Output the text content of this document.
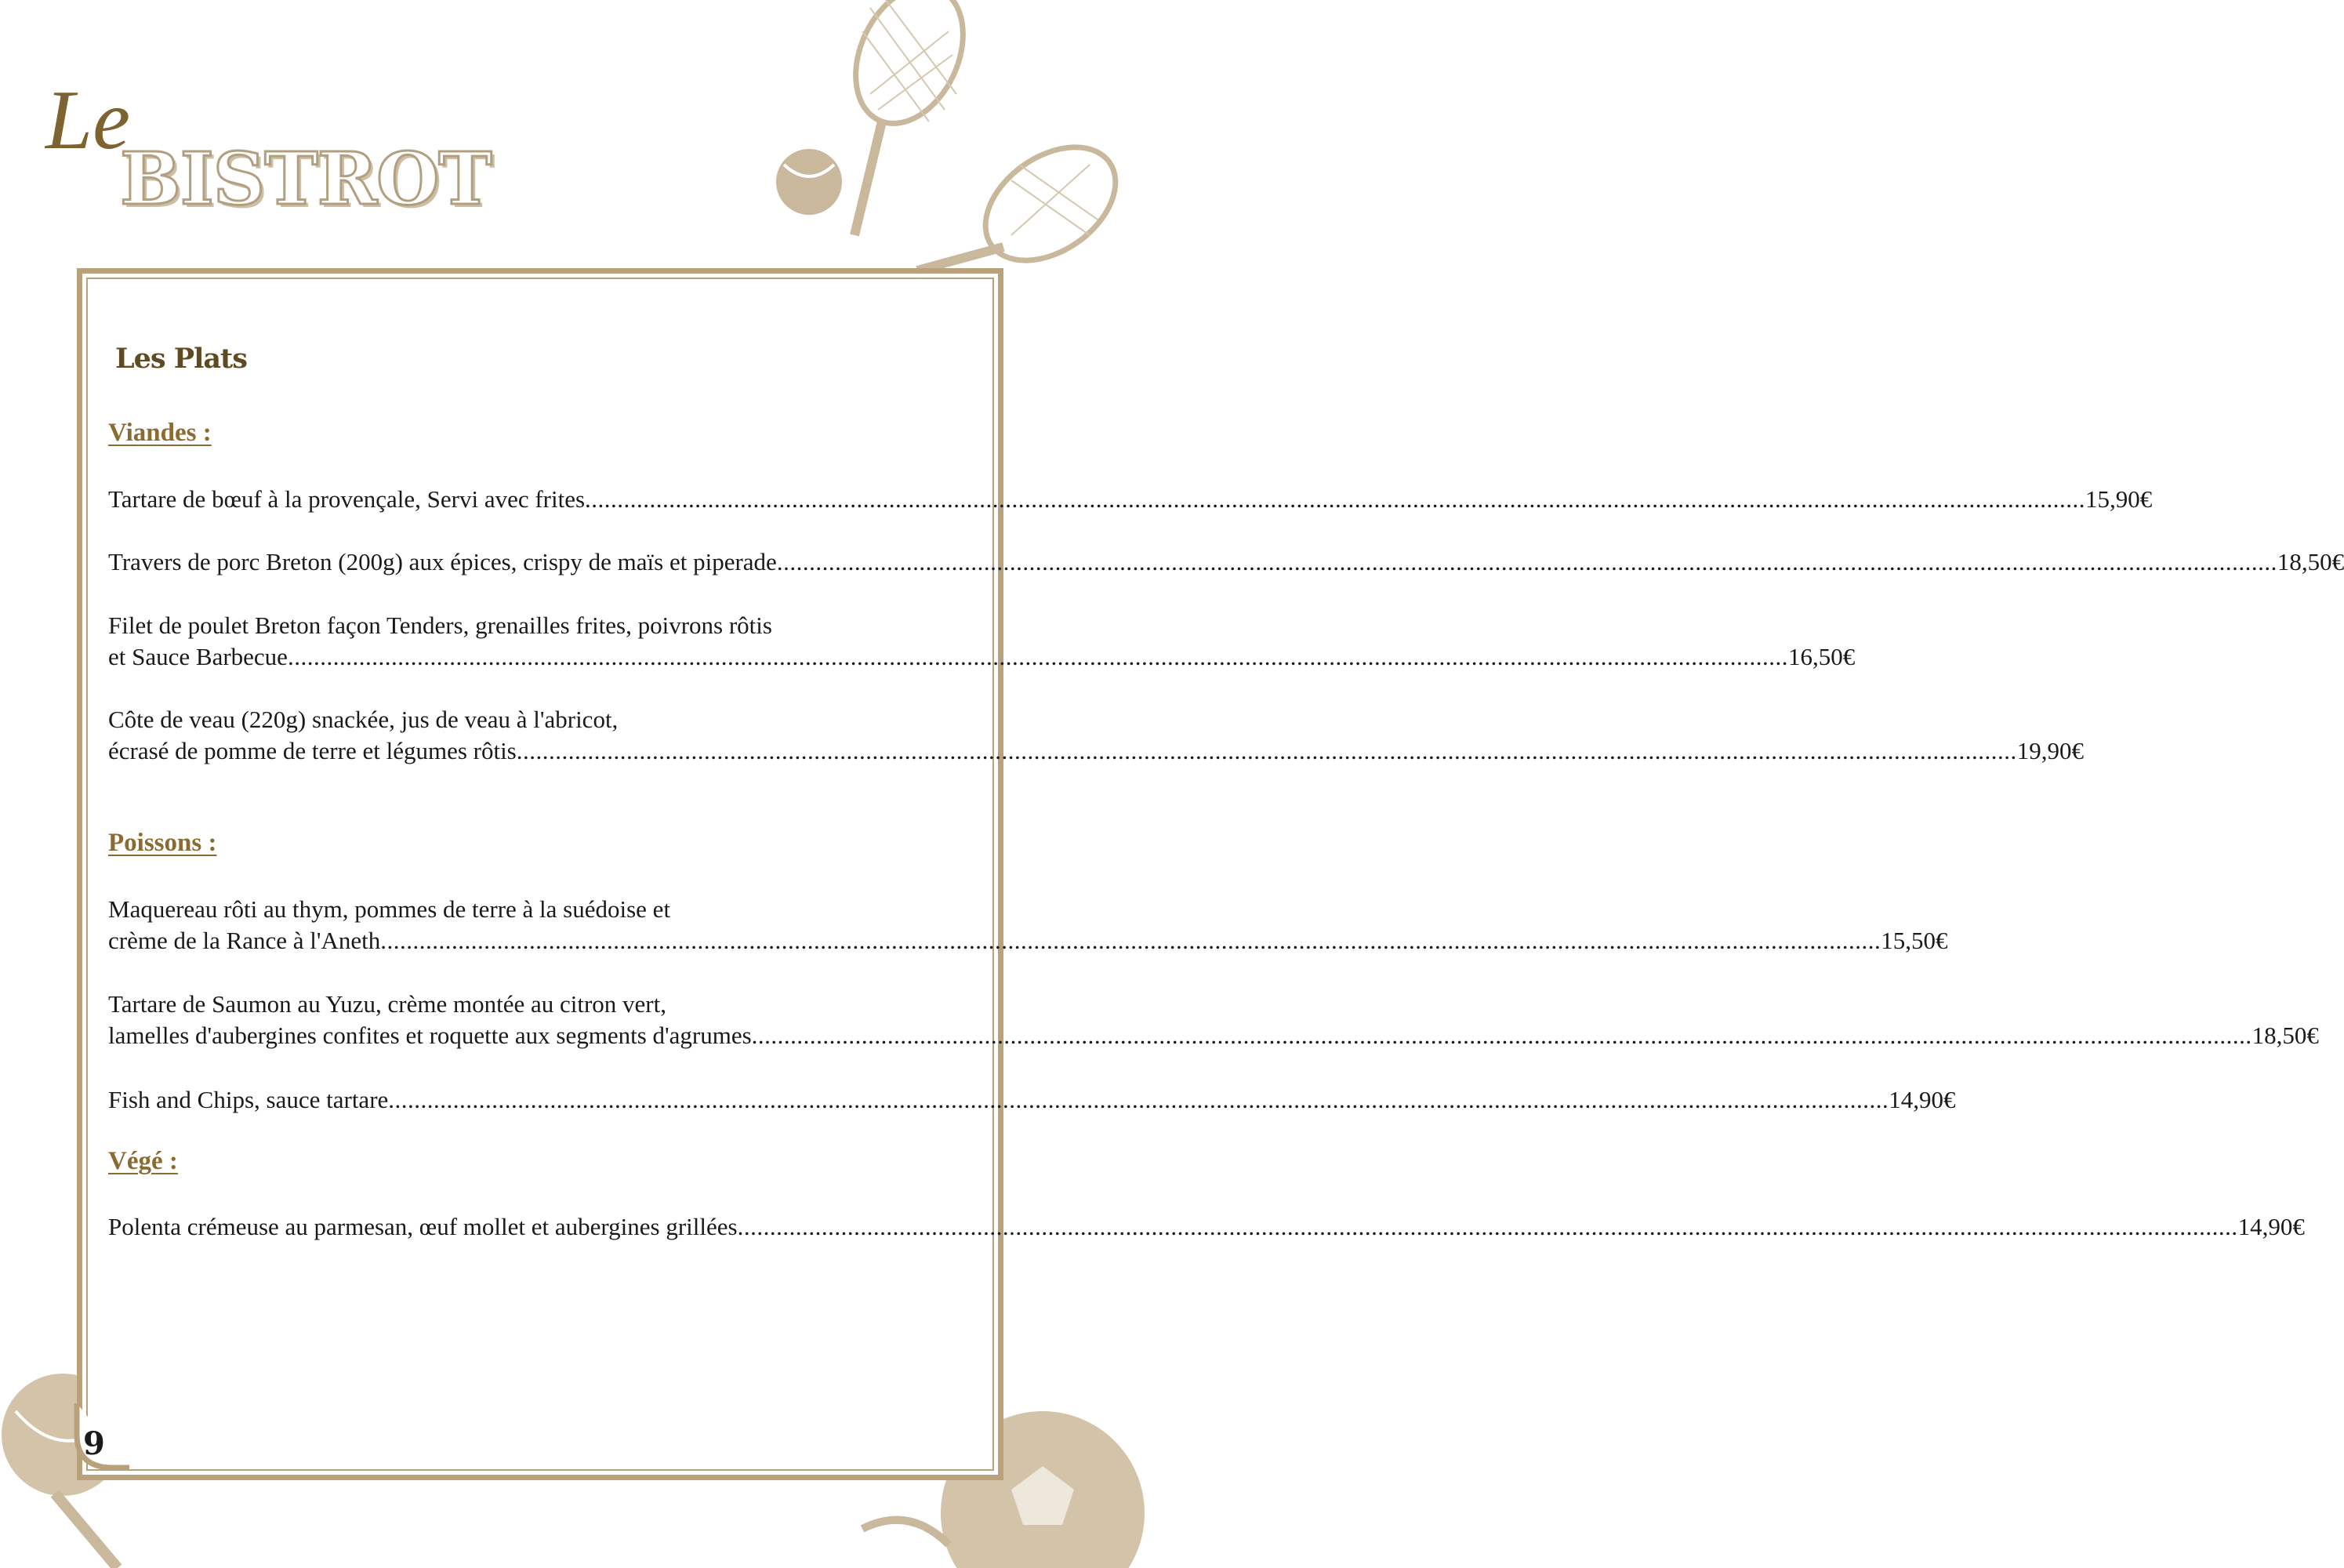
Le
BISTROT
9
Les Plats
Viandes :
Tartare de bœuf à la provençale, Servi avec frites ........................................................................................................................................................................................................................................ 15,90€
Travers de porc Breton (200g) aux épices, crispy de maïs et piperade ........................................................................................................................................................................................................................................ 18,50€
Filet de poulet Breton façon Tenders, grenailles frites, poivrons rôtis
et Sauce Barbecue ........................................................................................................................................................................................................................................ 16,50€
Côte de veau (220g) snackée, jus de veau à l'abricot,
écrasé de pomme de terre et légumes rôtis ........................................................................................................................................................................................................................................ 19,90€
Poissons :
Maquereau rôti au thym, pommes de terre à la suédoise et
crème de la Rance à l'Aneth ........................................................................................................................................................................................................................................ 15,50€
Tartare de Saumon au Yuzu, crème montée au citron vert,
lamelles d'aubergines confites et roquette aux segments d'agrumes ........................................................................................................................................................................................................................................ 18,50€
Fish and Chips, sauce tartare ........................................................................................................................................................................................................................................ 14,90€
Végé :
Polenta crémeuse au parmesan, œuf mollet et aubergines grillées ........................................................................................................................................................................................................................................ 14,90€
